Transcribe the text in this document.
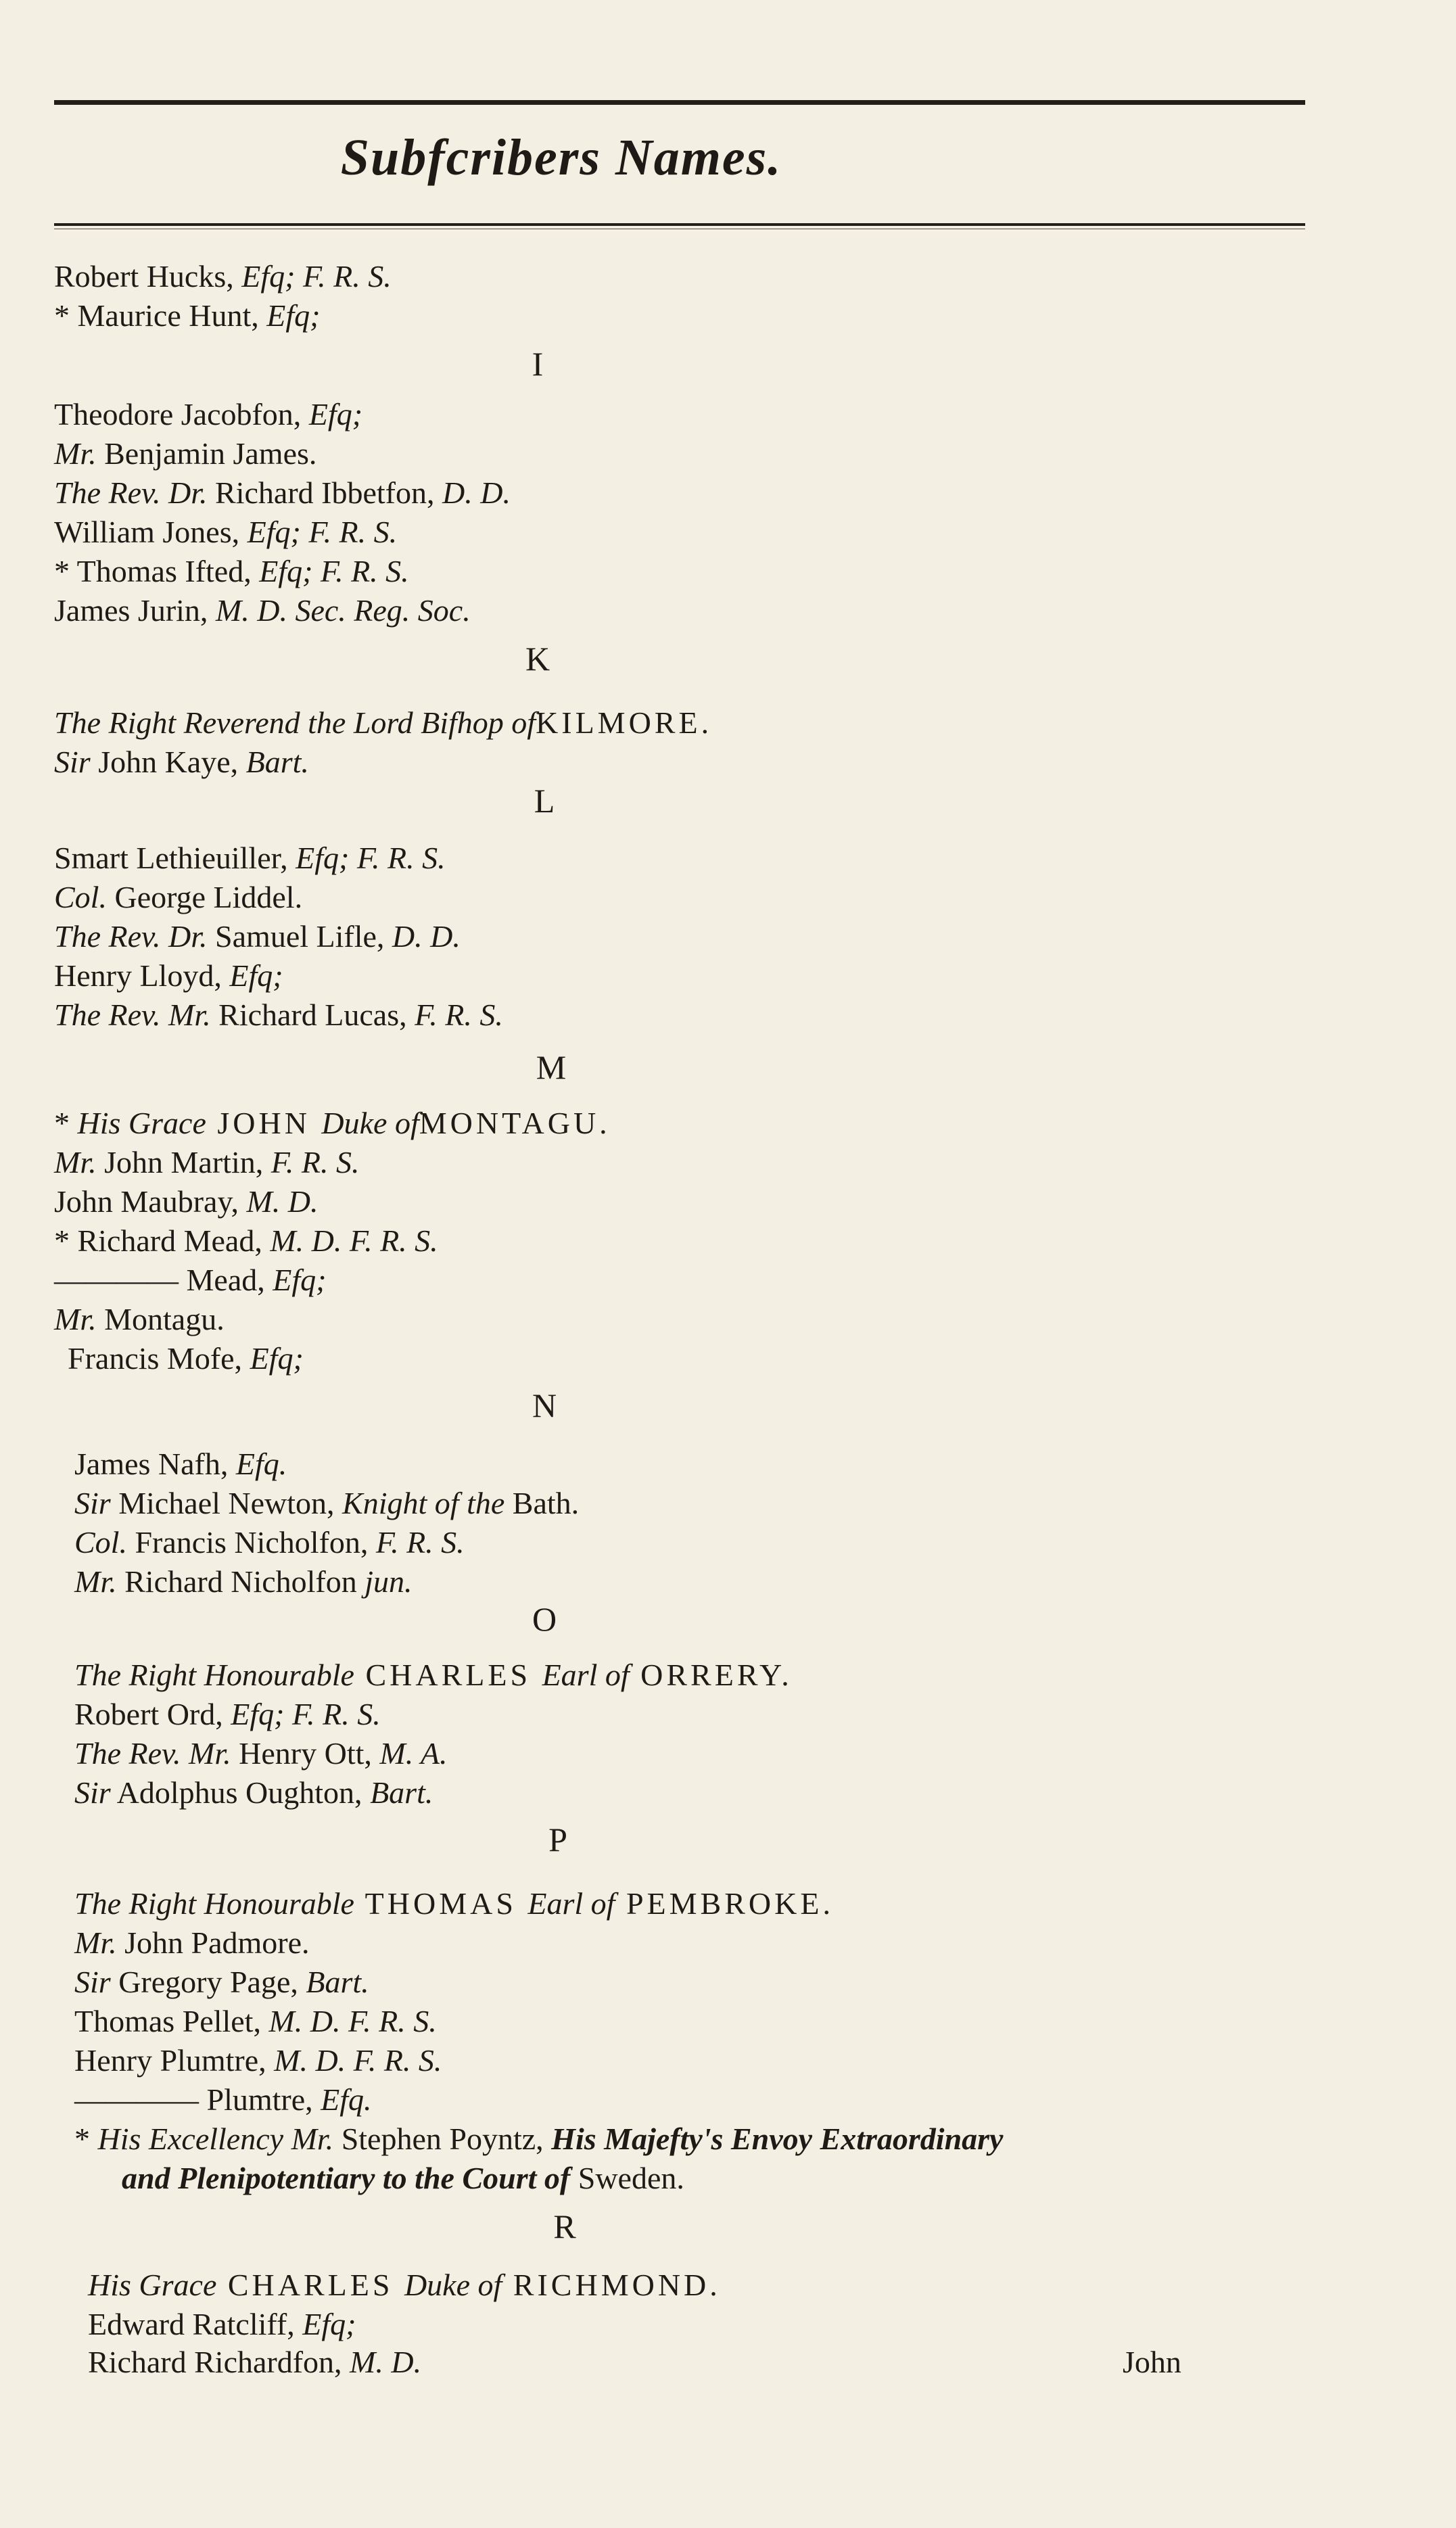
Subfcribers Names.
Robert Hucks, Efq; F. R. S.
* Maurice Hunt, Efq;
I
Theodore Jacobfon, Efq;
Mr. Benjamin James.
The Rev. Dr. Richard Ibbetfon, D. D.
William Jones, Efq; F. R. S.
* Thomas Ifted, Efq; F. R. S.
James Jurin, M. D. Sec. Reg. Soc.
K
The Right Reverend the Lord Bifhop ofKILMORE.
Sir John Kaye, Bart.
L
Smart Lethieuiller, Efq; F. R. S.
Col. George Liddel.
The Rev. Dr. Samuel Lifle, D. D.
Henry Lloyd, Efq;
The Rev. Mr. Richard Lucas, F. R. S.
M
* His Grace JOHN Duke ofMONTAGU.
Mr. John Martin, F. R. S.
John Maubray, M. D.
* Richard Mead, M. D. F. R. S.
———— Mead, Efq;
Mr. Montagu.
Francis Mofe, Efq;
N
James Nafh, Efq.
Sir Michael Newton, Knight of the Bath.
Col. Francis Nicholfon, F. R. S.
Mr. Richard Nicholfon jun.
O
The Right Honourable CHARLES Earl of ORRERY.
Robert Ord, Efq; F. R. S.
The Rev. Mr. Henry Ott, M. A.
Sir Adolphus Oughton, Bart.
P
The Right Honourable THOMAS Earl of PEMBROKE.
Mr. John Padmore.
Sir Gregory Page, Bart.
Thomas Pellet, M. D. F. R. S.
Henry Plumtre, M. D. F. R. S.
———— Plumtre, Efq.
* His Excellency Mr. Stephen Poyntz, His Majefty's Envoy Extraordinary
and Plenipotentiary to the Court of Sweden.
R
His Grace CHARLES Duke of RICHMOND.
Edward Ratcliff, Efq;
Richard Richardfon, M. D.	John
